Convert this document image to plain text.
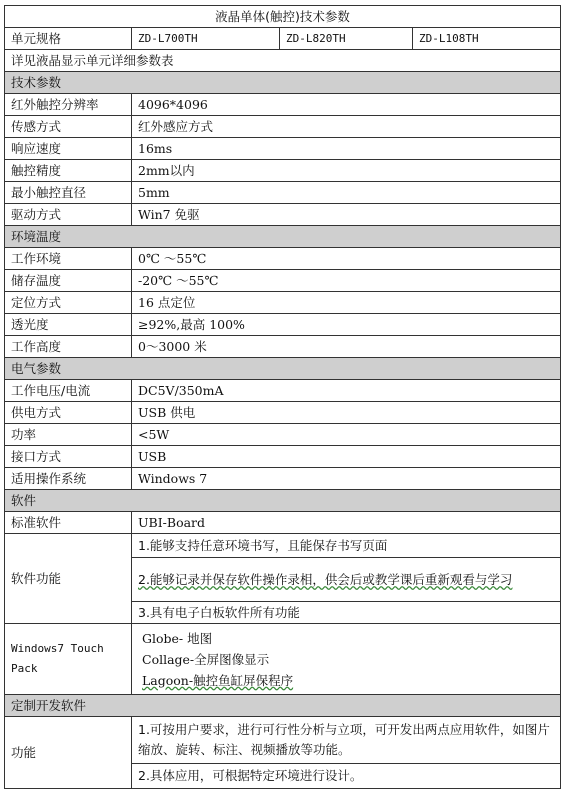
液晶单体(触控)技术参数			
单元规格	ZD-L700TH	ZD-L820TH	ZD-L108TH
详见液晶显示单元详细参数表			
技术参数			
红外触控分辨率	4096*4096		
传感方式	红外感应方式		
响应速度	16ms		
触控精度	2mm以内		
最小触控直径	5mm		
驱动方式	Win7 免驱		
环境温度			
工作环境	0℃ ～55℃		
储存温度	-20℃ ～55℃		
定位方式	16 点定位		
透光度	≥92%,最高 100%		
工作高度	0～3000 米		
电气参数			
工作电压/电流	DC5V/350mA		
供电方式	USB 供电		
功率	<5W		
接口方式	USB		
适用操作系统	Windows 7		
软件			
标准软件	UBI-Board		
软件功能	1.能够支持任意环境书写，且能保存书写页面		
	2.能够记录并保存软件操作录相，供会后或教学课后重新观看与学习		
	3.具有电子白板软件所有功能		

Windows7 Touch
Pack	Globe- 地图
Collage-全屏图像显示
Lagoon-触控鱼缸屏保程序		

定制开发软件			
功能	1.可按用户要求，进行可行性分析与立项，可开发出两点应用软件，如图片缩放、旋转、标注、视频播放等功能。		
	2.具体应用，可根据特定环境进行设计。		
